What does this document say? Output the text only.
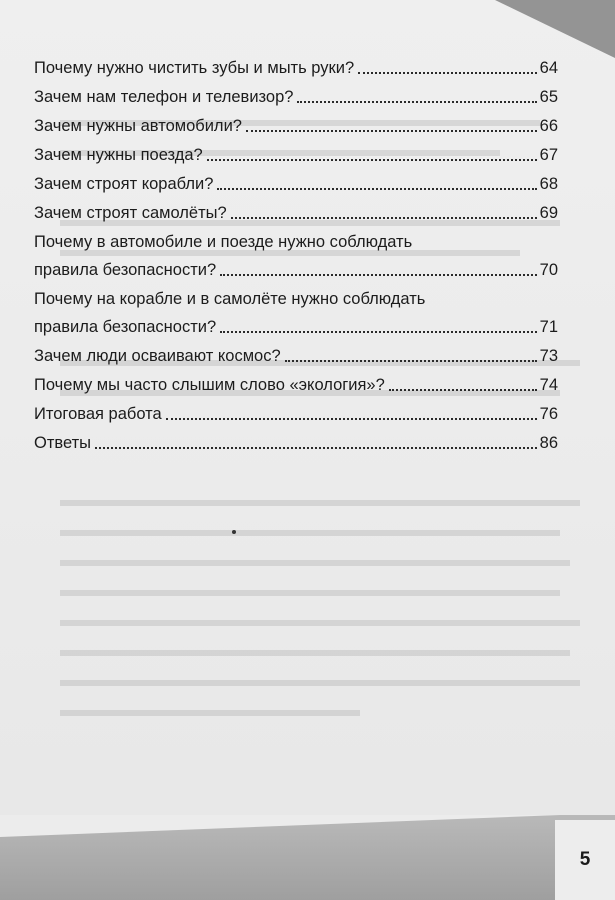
Почему нужно чистить зубы и мыть руки?	64
Зачем нам телефон и телевизор?	65
Зачем нужны автомобили?	66
Зачем нужны поезда?	67
Зачем строят корабли?	68
Зачем строят самолёты?	69
Почему в автомобиле и поезде нужно соблюдать
правила безопасности?	70
Почему на корабле и в самолёте нужно соблюдать
правила безопасности?	71
Зачем люди осваивают космос?	73
Почему мы часто слышим слово «экология»?	74
Итоговая работа	76
Ответы	86
5
